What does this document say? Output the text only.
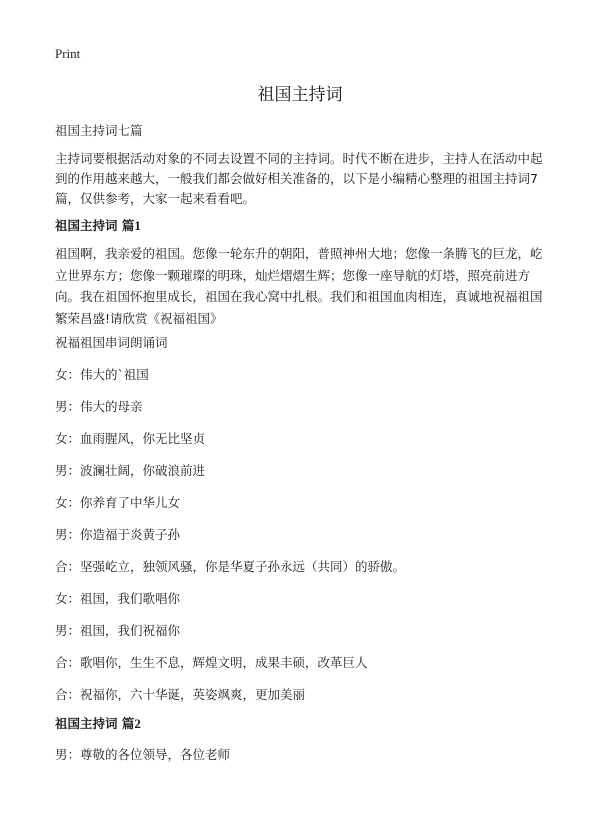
Print
祖国主持词
祖国主持词七篇

主持词要根据活动对象的不同去设置不同的主持词。时代不断在进步，主持人在活动中起到的作用越来越大，一般我们都会做好相关准备的，以下是小编精心整理的祖国主持词7篇，仅供参考，大家一起来看看吧。

祖国主持词 篇1

祖国啊，我亲爱的祖国。您像一轮东升的朝阳，普照神州大地；您像一条腾飞的巨龙，屹立世界东方；您像一颗璀璨的明珠，灿烂熠熠生辉；您像一座导航的灯塔，照亮前进方向。我在祖国怀抱里成长，祖国在我心窝中扎根。我们和祖国血肉相连，真诚地祝福祖国繁荣昌盛!请欣赏《祝福祖国》

祝福祖国串词朗诵词
女：伟大的`祖国
男：伟大的母亲
女：血雨腥风，你无比坚贞
男：波澜壮阔，你破浪前进
女：你养育了中华儿女
男：你造福于炎黄子孙
合：坚强屹立，独领风骚，你是华夏子孙永远（共同）的骄傲。
女：祖国，我们歌唱你
男：祖国，我们祝福你
合：歌唱你，生生不息，辉煌文明，成果丰硕，改革巨人
合：祝福你，六十华诞，英姿飒爽，更加美丽
祖国主持词 篇2
男：尊敬的各位领导，各位老师
